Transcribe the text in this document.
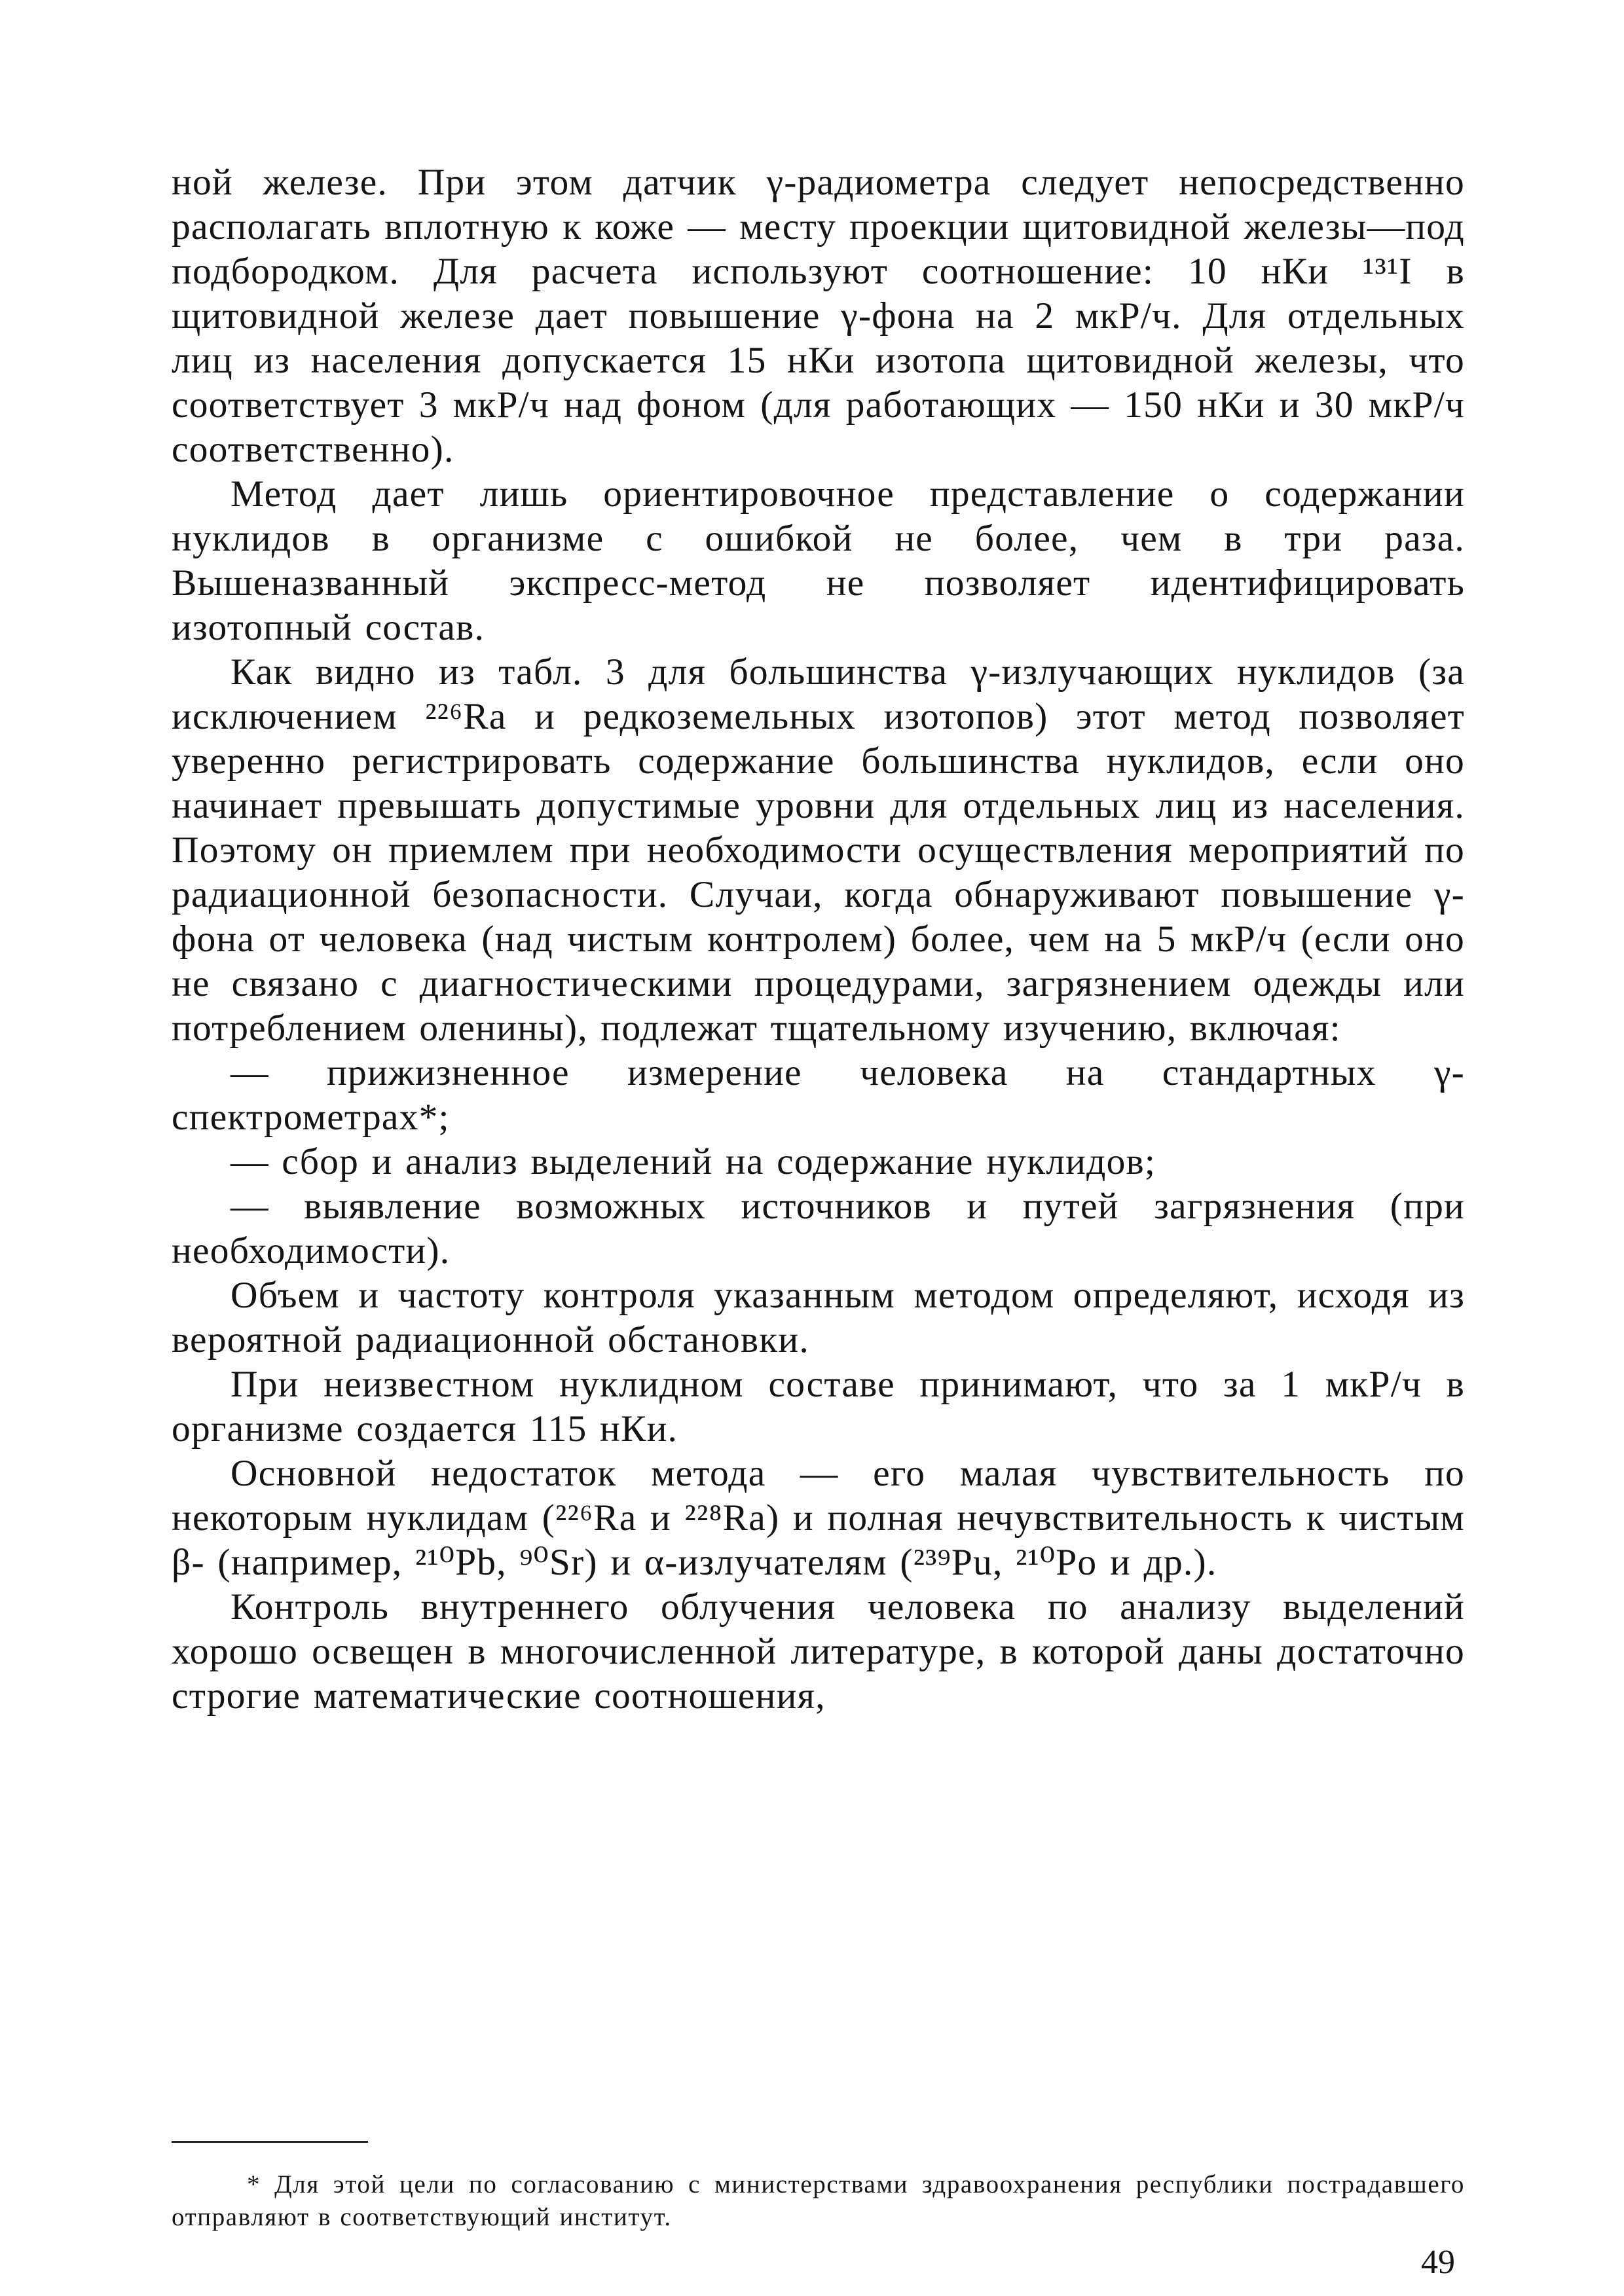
ной железе. При этом датчик γ-радиометра следует непосредственно располагать вплотную к коже — месту проекции щитовидной железы—под подбородком. Для расчета используют соотношение: 10 нКи ¹³¹I в щитовидной железе дает повышение γ-фона на 2 мкР/ч. Для отдельных лиц из населения допускается 15 нКи изотопа щитовидной железы, что соответствует 3 мкР/ч над фоном (для работающих — 150 нКи и 30 мкР/ч соответственно).

Метод дает лишь ориентировочное представление о содержании нуклидов в организме с ошибкой не более, чем в три раза. Вышеназванный экспресс-метод не позволяет идентифицировать изотопный состав.

Как видно из табл. 3 для большинства γ-излучающих нуклидов (за исключением ²²⁶Ra и редкоземельных изотопов) этот метод позволяет уверенно регистрировать содержание большинства нуклидов, если оно начинает превышать допустимые уровни для отдельных лиц из населения. Поэтому он приемлем при необходимости осуществления мероприятий по радиационной безопасности. Случаи, когда обнаруживают повышение γ-фона от человека (над чистым контролем) более, чем на 5 мкР/ч (если оно не связано с диагностическими процедурами, загрязнением одежды или потреблением оленины), подлежат тщательному изучению, включая:

— прижизненное измерение человека на стандартных γ-спектрометрах*;

— сбор и анализ выделений на содержание нуклидов;

— выявление возможных источников и путей загрязнения (при необходимости).

Объем и частоту контроля указанным методом определяют, исходя из вероятной радиационной обстановки.

При неизвестном нуклидном составе принимают, что за 1 мкР/ч в организме создается 115 нКи.

Основной недостаток метода — его малая чувствительность по некоторым нуклидам (²²⁶Ra и ²²⁸Ra) и полная нечувствительность к чистым β- (например, ²¹⁰Pb, ⁹⁰Sr) и α-излучателям (²³⁹Pu, ²¹⁰Po и др.).

Контроль внутреннего облучения человека по анализу выделений хорошо освещен в многочисленной литературе, в которой даны достаточно строгие математические соотношения,

* Для этой цели по согласованию с министерствами здравоохранения республики пострадавшего отправляют в соответствующий институт.
49
